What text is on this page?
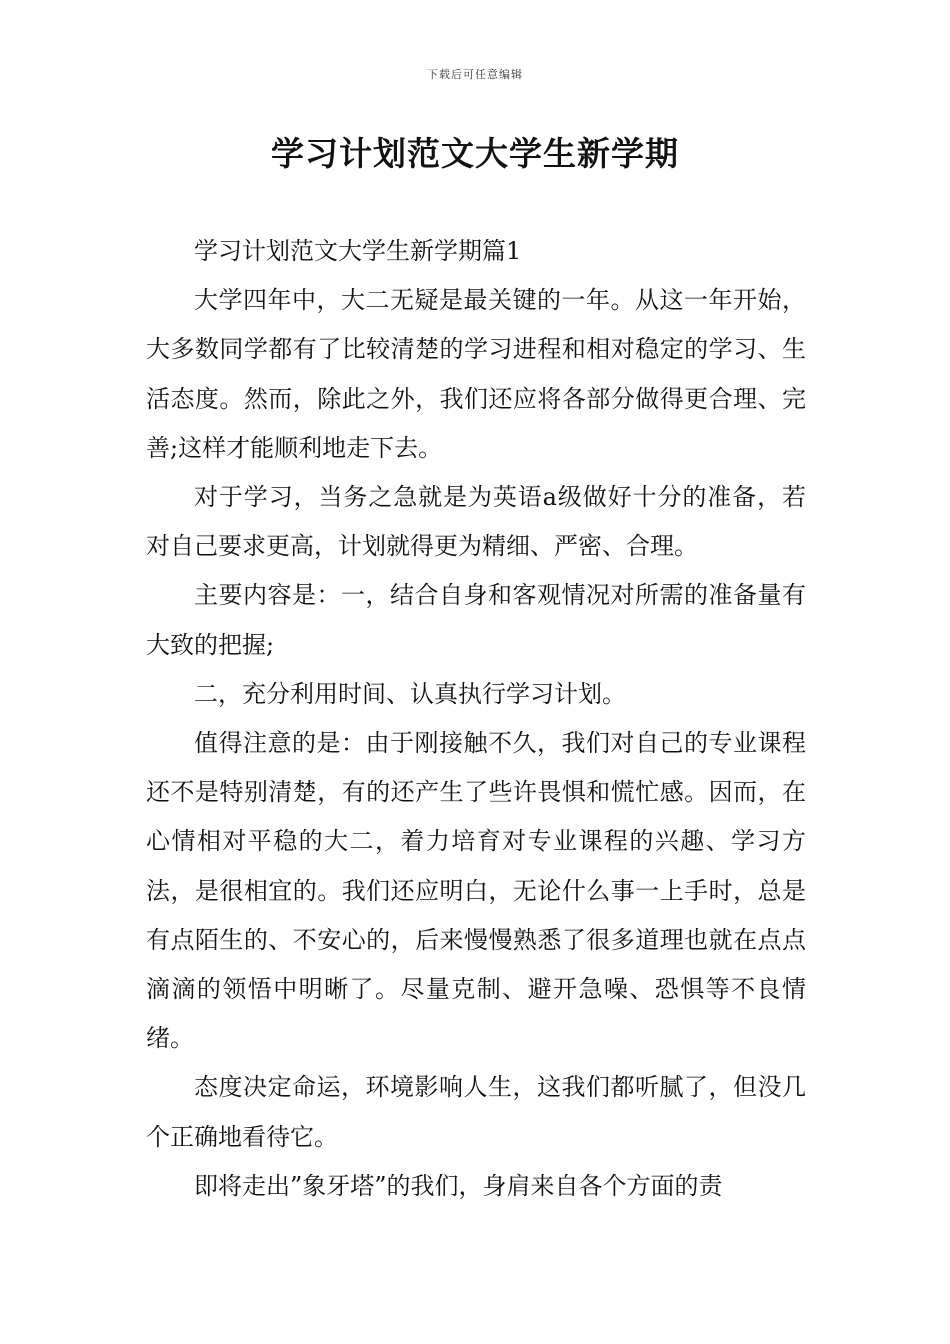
下载后可任意编辑
学习计划范文大学生新学期

学习计划范文大学生新学期篇1

大学四年中，大二无疑是最关键的一年。从这一年开始，大多数同学都有了比较清楚的学习进程和相对稳定的学习、生活态度。然而，除此之外，我们还应将各部分做得更合理、完善;这样才能顺利地走下去。

对于学习，当务之急就是为英语a级做好十分的准备，若对自己要求更高，计划就得更为精细、严密、合理。

主要内容是：一，结合自身和客观情况对所需的准备量有大致的把握;

二，充分利用时间、认真执行学习计划。

值得注意的是：由于刚接触不久，我们对自己的专业课程还不是特别清楚，有的还产生了些许畏惧和慌忙感。因而，在心情相对平稳的大二，着力培育对专业课程的兴趣、学习方法，是很相宜的。我们还应明白，无论什么事一上手时，总是有点陌生的、不安心的，后来慢慢熟悉了很多道理也就在点点滴滴的领悟中明晰了。尽量克制、避开急噪、恐惧等不良情绪。

态度决定命运，环境影响人生，这我们都听腻了，但没几个正确地看待它。

即将走出”象牙塔”的我们，身肩来自各个方面的责
